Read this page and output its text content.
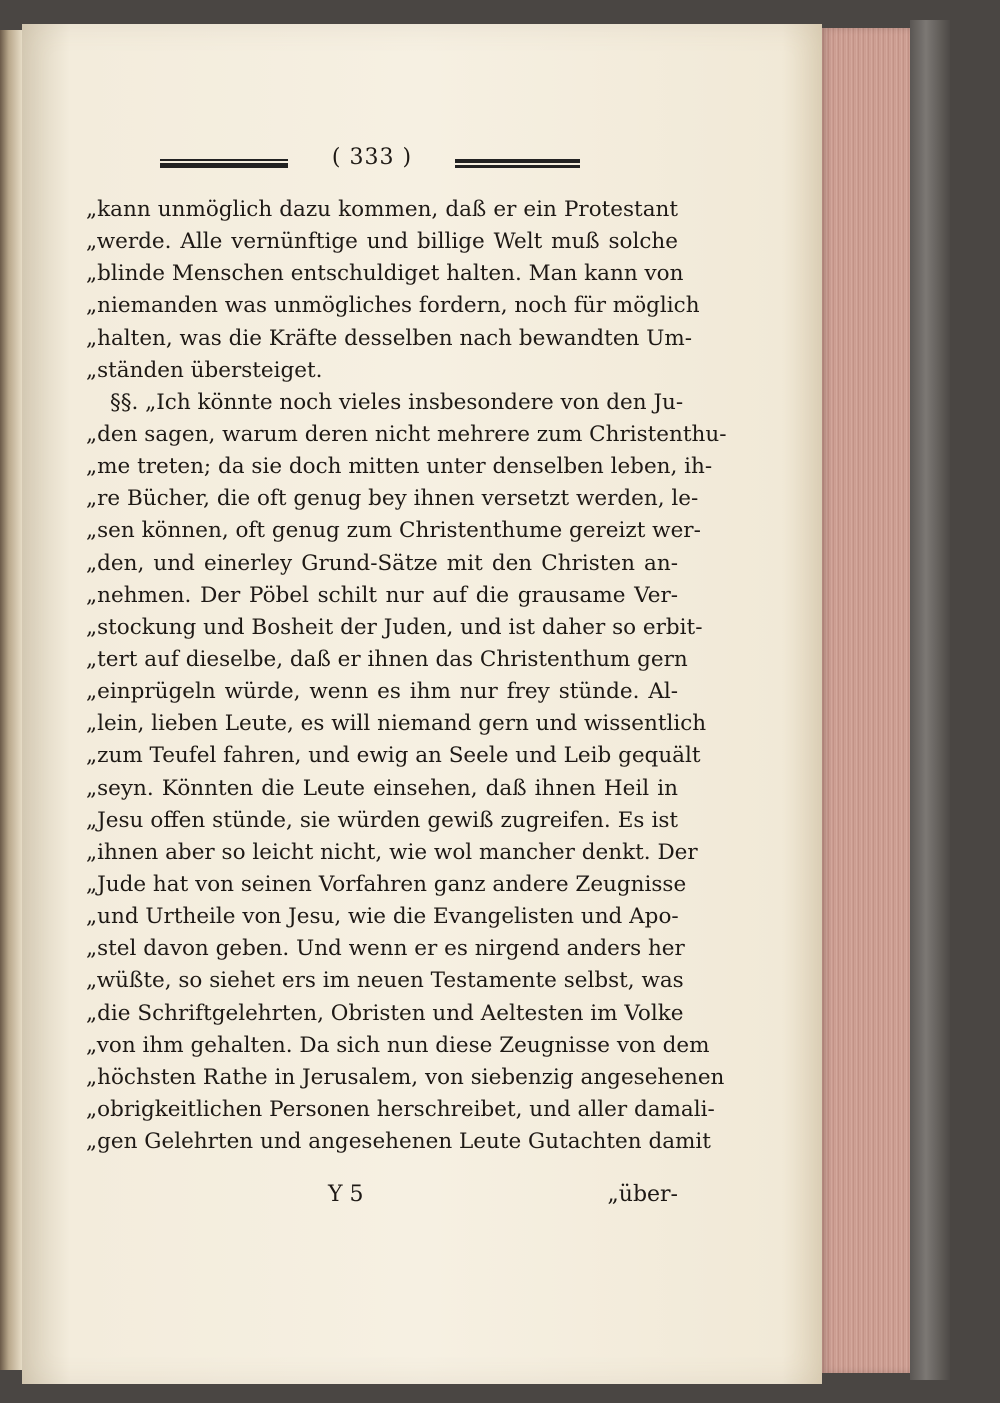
( 333 )
„kann unmöglich dazu kommen, daß er ein Protestant
„werde. Alle vernünftige und billige Welt muß solche
„blinde Menschen entschuldiget halten. Man kann von
„niemanden was unmögliches fordern, noch für möglich
„halten, was die Kräfte desselben nach bewandten Um-
„ständen übersteiget.
§§. „Ich könnte noch vieles insbesondere von den Ju-
„den sagen, warum deren nicht mehrere zum Christenthu-
„me treten; da sie doch mitten unter denselben leben, ih-
„re Bücher, die oft genug bey ihnen versetzt werden, le-
„sen können, oft genug zum Christenthume gereizt wer-
„den, und einerley Grund-Sätze mit den Christen an-
„nehmen. Der Pöbel schilt nur auf die grausame Ver-
„stockung und Bosheit der Juden, und ist daher so erbit-
„tert auf dieselbe, daß er ihnen das Christenthum gern
„einprügeln würde, wenn es ihm nur frey stünde. Al-
„lein, lieben Leute, es will niemand gern und wissentlich
„zum Teufel fahren, und ewig an Seele und Leib gequält
„seyn. Könnten die Leute einsehen, daß ihnen Heil in
„Jesu offen stünde, sie würden gewiß zugreifen. Es ist
„ihnen aber so leicht nicht, wie wol mancher denkt. Der
„Jude hat von seinen Vorfahren ganz andere Zeugnisse
„und Urtheile von Jesu, wie die Evangelisten und Apo-
„stel davon geben. Und wenn er es nirgend anders her
„wüßte, so siehet ers im neuen Testamente selbst, was
„die Schriftgelehrten, Obristen und Aeltesten im Volke
„von ihm gehalten. Da sich nun diese Zeugnisse von dem
„höchsten Rathe in Jerusalem, von siebenzig angesehenen
„obrigkeitlichen Personen herschreibet, und aller damali-
„gen Gelehrten und angesehenen Leute Gutachten damit
Y 5	„über-
